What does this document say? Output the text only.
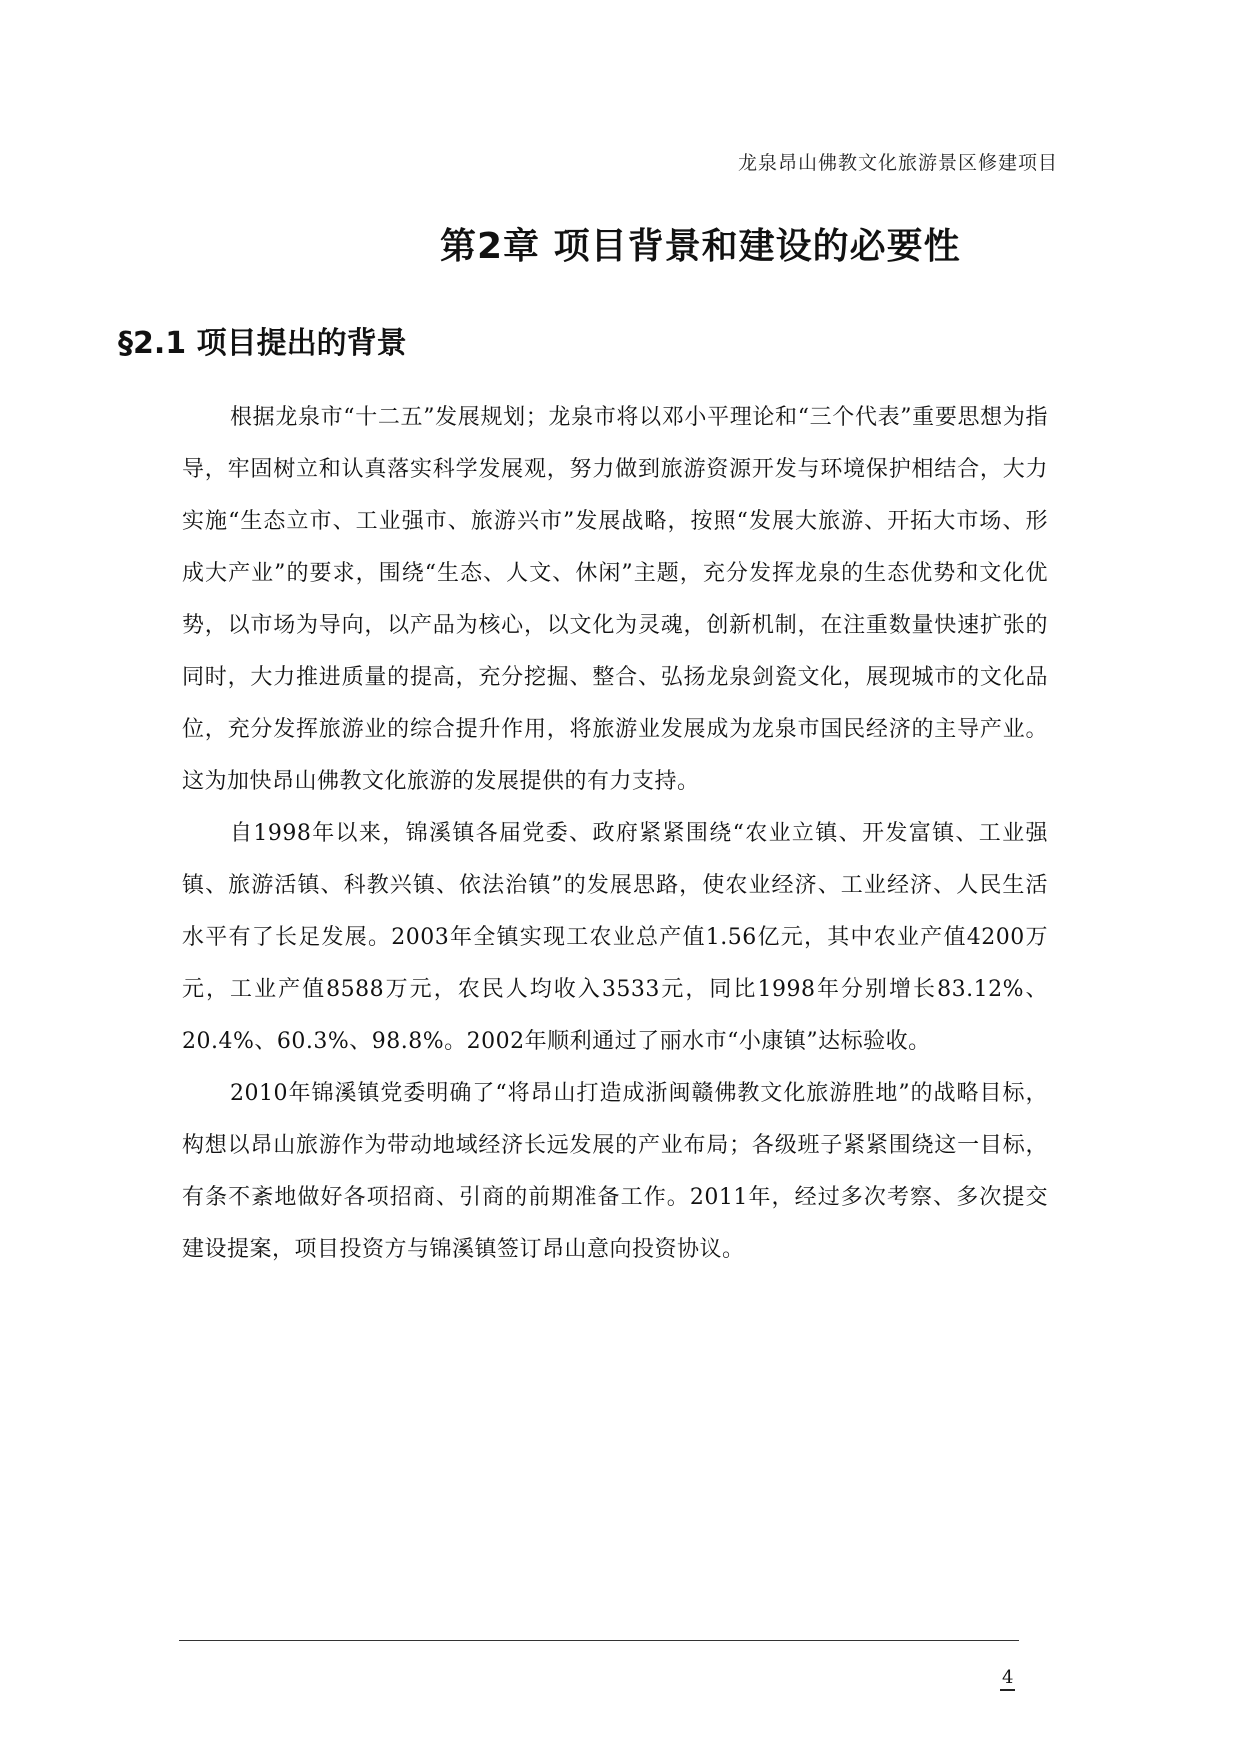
龙泉昂山佛教文化旅游景区修建项目
第2章 项目背景和建设的必要性
§2.1 项目提出的背景

根据龙泉市“十二五”发展规划；龙泉市将以邓小平理论和“三个代表”重要思想为指导，牢固树立和认真落实科学发展观，努力做到旅游资源开发与环境保护相结合，大力实施“生态立市、工业强市、旅游兴市”发展战略，按照“发展大旅游、开拓大市场、形成大产业”的要求，围绕“生态、人文、休闲”主题，充分发挥龙泉的生态优势和文化优势，以市场为导向，以产品为核心，以文化为灵魂，创新机制，在注重数量快速扩张的同时，大力推进质量的提高，充分挖掘、整合、弘扬龙泉剑瓷文化，展现城市的文化品位，充分发挥旅游业的综合提升作用，将旅游业发展成为龙泉市国民经济的主导产业。这为加快昂山佛教文化旅游的发展提供的有力支持。

自1998年以来，锦溪镇各届党委、政府紧紧围绕“农业立镇、开发富镇、工业强镇、旅游活镇、科教兴镇、依法治镇”的发展思路，使农业经济、工业经济、人民生活水平有了长足发展。2003年全镇实现工农业总产值1.56亿元，其中农业产值4200万元，工业产值8588万元，农民人均收入3533元，同比1998年分别增长83.12%、20.4%、60.3%、98.8%。2002年顺利通过了丽水市“小康镇”达标验收。

2010年锦溪镇党委明确了“将昂山打造成浙闽赣佛教文化旅游胜地”的战略目标，构想以昂山旅游作为带动地域经济长远发展的产业布局；各级班子紧紧围绕这一目标，有条不紊地做好各项招商、引商的前期准备工作。2011年，经过多次考察、多次提交建设提案，项目投资方与锦溪镇签订昂山意向投资协议。

4
